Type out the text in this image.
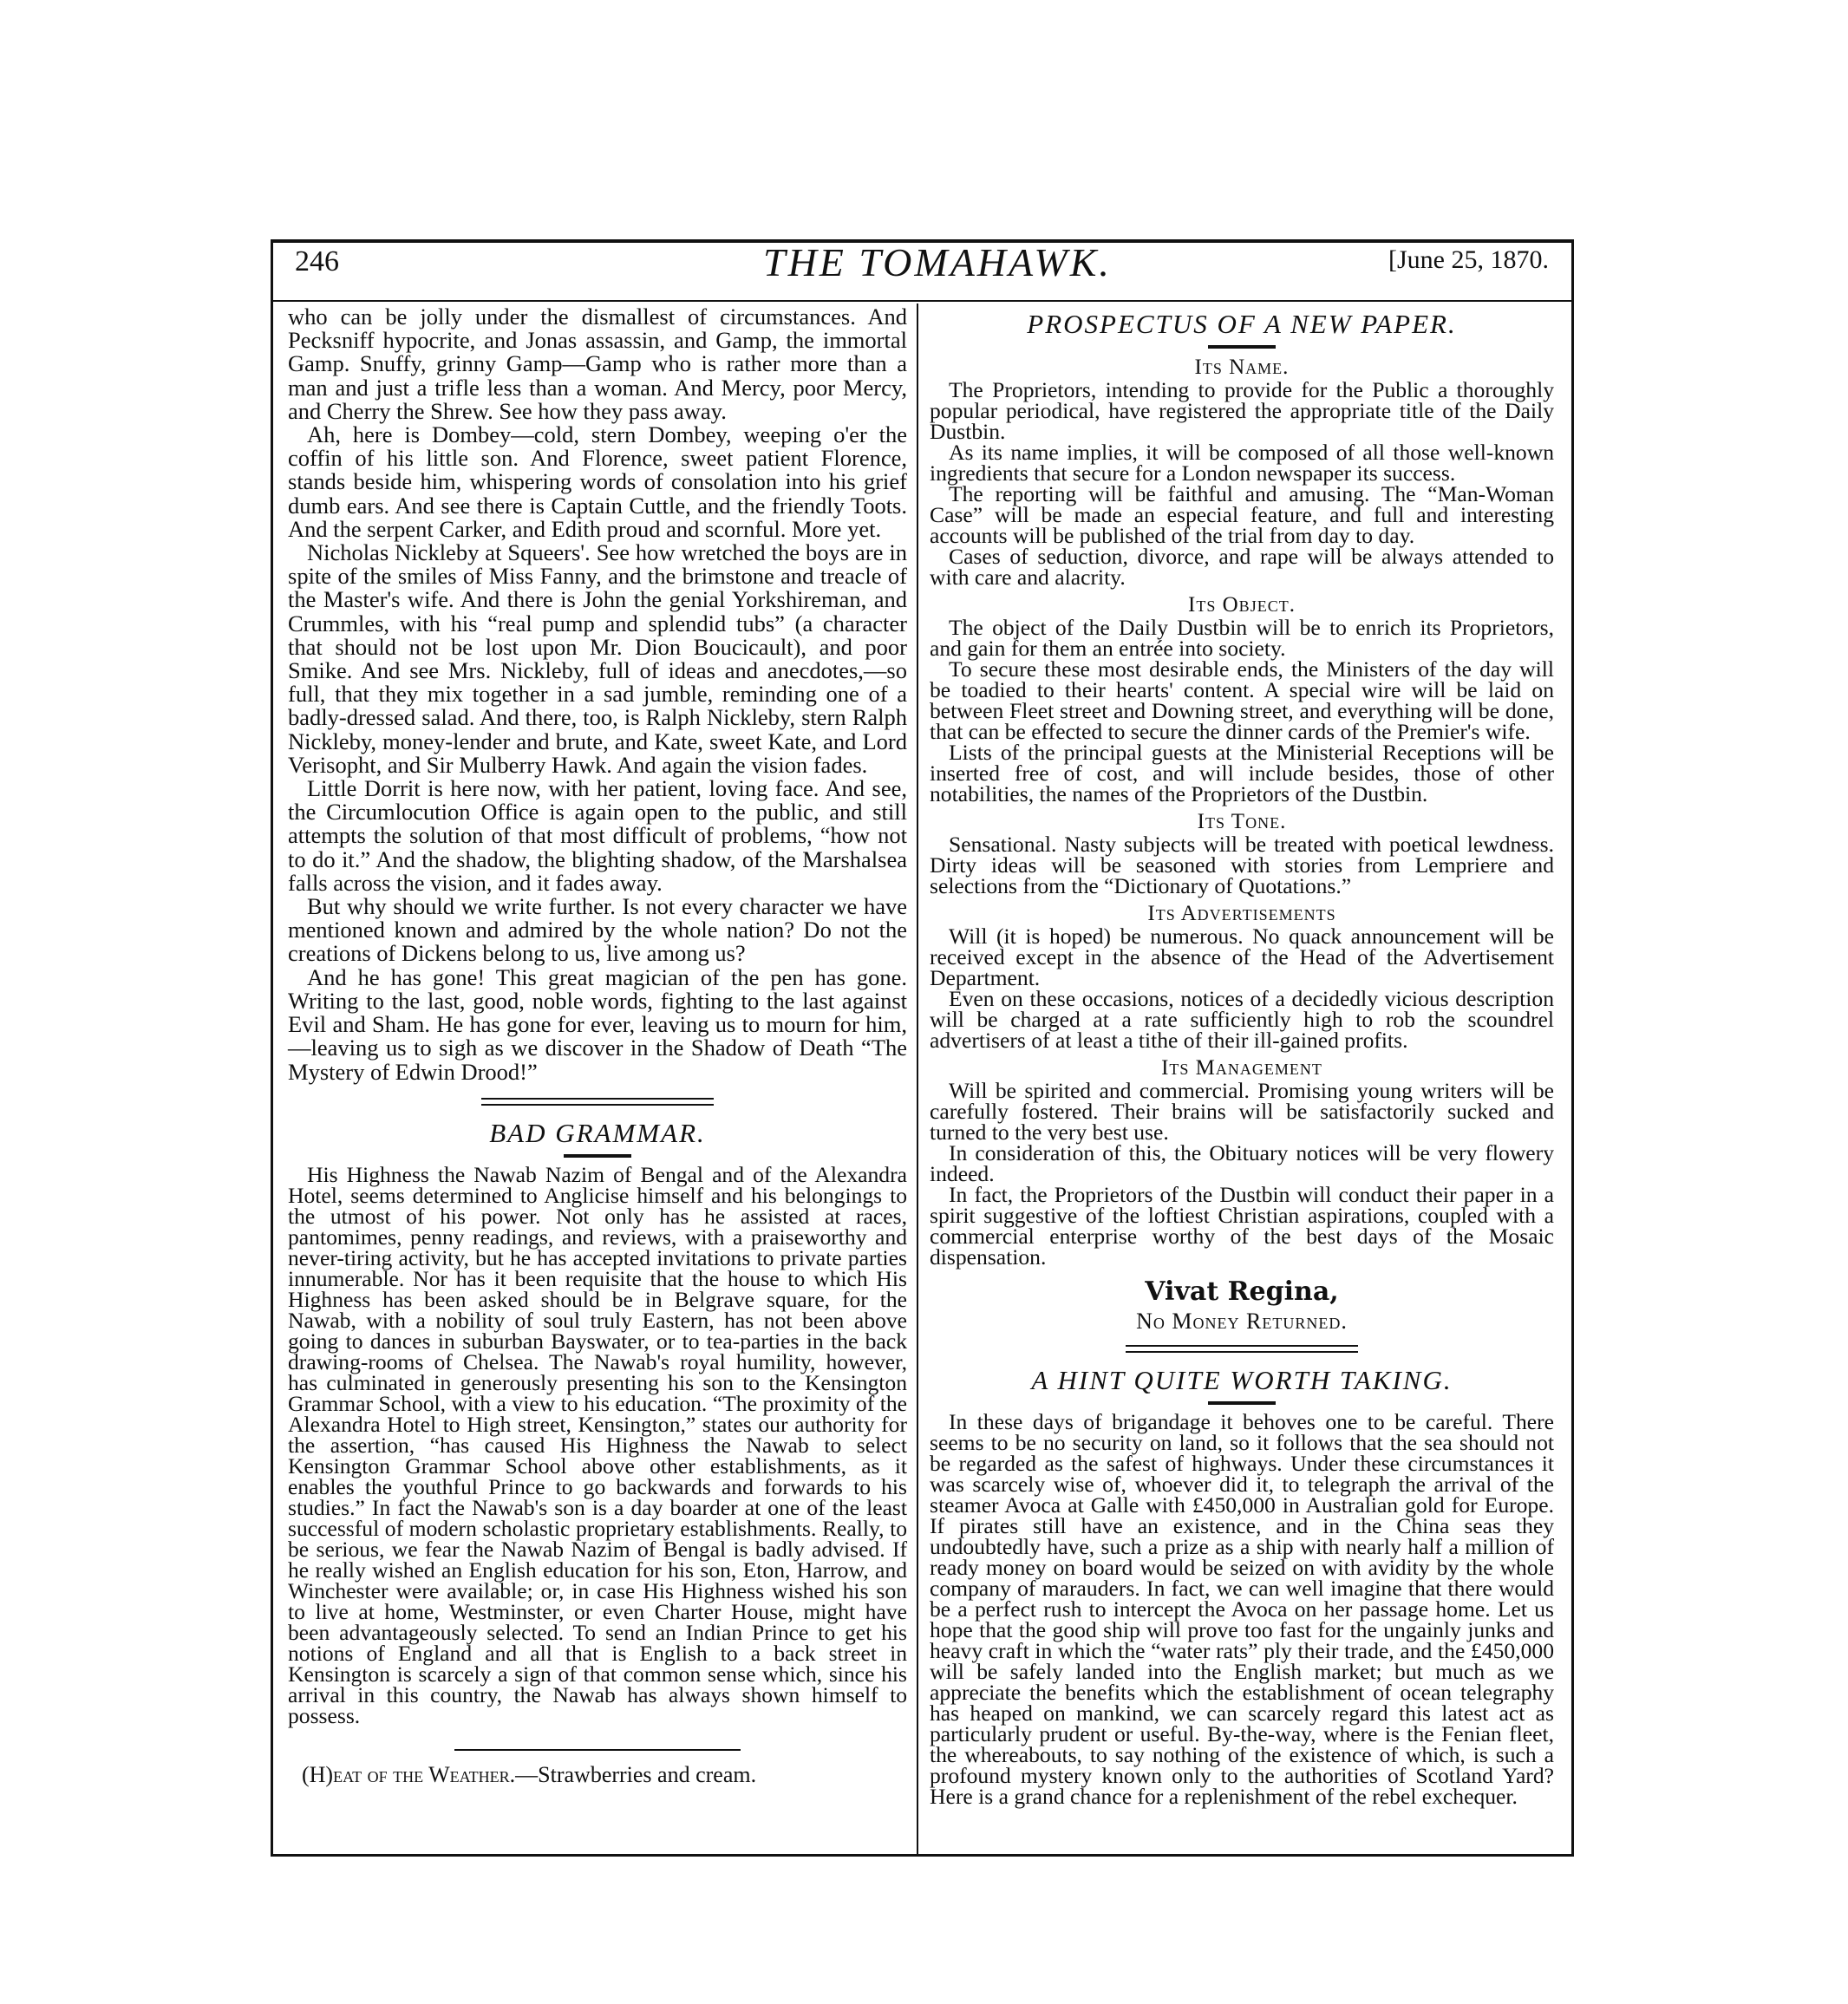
246	THE TOMAHAWK.	[June 25, 1870.

who can be jolly under the dismallest of circumstances. And Pecksniff hypocrite, and Jonas assassin, and Gamp, the immortal Gamp. Snuffy, grinny Gamp—Gamp who is rather more than a man and just a trifle less than a woman. And Mercy, poor Mercy, and Cherry the Shrew. See how they pass away.

Ah, here is Dombey—cold, stern Dombey, weeping o'er the coffin of his little son. And Florence, sweet patient Florence, stands beside him, whispering words of consolation into his grief dumb ears. And see there is Captain Cuttle, and the friendly Toots. And the serpent Carker, and Edith proud and scornful. More yet.

Nicholas Nickleby at Squeers'. See how wretched the boys are in spite of the smiles of Miss Fanny, and the brimstone and treacle of the Master's wife. And there is John the genial Yorkshireman, and Crummles, with his “real pump and splendid tubs” (a character that should not be lost upon Mr. Dion Boucicault), and poor Smike. And see Mrs. Nickleby, full of ideas and anecdotes,—so full, that they mix together in a sad jumble, reminding one of a badly-dressed salad. And there, too, is Ralph Nickleby, stern Ralph Nickleby, money-lender and brute, and Kate, sweet Kate, and Lord Verisopht, and Sir Mulberry Hawk. And again the vision fades.

Little Dorrit is here now, with her patient, loving face. And see, the Circumlocution Office is again open to the public, and still attempts the solution of that most difficult of problems, “how not to do it.” And the shadow, the blighting shadow, of the Marshalsea falls across the vision, and it fades away.

But why should we write further. Is not every character we have mentioned known and admired by the whole nation? Do not the creations of Dickens belong to us, live among us?

And he has gone! This great magician of the pen has gone. Writing to the last, good, noble words, fighting to the last against Evil and Sham. He has gone for ever, leaving us to mourn for him,—leaving us to sigh as we discover in the Shadow of Death “The Mystery of Edwin Drood!”

BAD GRAMMAR.

His Highness the Nawab Nazim of Bengal and of the Alexandra Hotel, seems determined to Anglicise himself and his belongings to the utmost of his power. Not only has he assisted at races, pantomimes, penny readings, and reviews, with a praiseworthy and never-tiring activity, but he has accepted invitations to private parties innumerable. Nor has it been requisite that the house to which His Highness has been asked should be in Belgrave square, for the Nawab, with a nobility of soul truly Eastern, has not been above going to dances in suburban Bayswater, or to tea-parties in the back drawing-rooms of Chelsea. The Nawab's royal humility, however, has culminated in generously presenting his son to the Kensington Grammar School, with a view to his education. “The proximity of the Alexandra Hotel to High street, Kensington,” states our authority for the assertion, “has caused His Highness the Nawab to select Kensington Grammar School above other establishments, as it enables the youthful Prince to go backwards and forwards to his studies.” In fact the Nawab's son is a day boarder at one of the least successful of modern scholastic proprietary establishments. Really, to be serious, we fear the Nawab Nazim of Bengal is badly advised. If he really wished an English education for his son, Eton, Harrow, and Winchester were available; or, in case His Highness wished his son to live at home, Westminster, or even Charter House, might have been advantageously selected. To send an Indian Prince to get his notions of England and all that is English to a back street in Kensington is scarcely a sign of that common sense which, since his arrival in this country, the Nawab has always shown himself to possess.

(H)eat of the Weather.—Strawberries and cream.

PROSPECTUS OF A NEW PAPER.
Its Name.

The Proprietors, intending to provide for the Public a thoroughly popular periodical, have registered the appropriate title of the Daily Dustbin.

As its name implies, it will be composed of all those well-known ingredients that secure for a London newspaper its success.

The reporting will be faithful and amusing. The “Man-Woman Case” will be made an especial feature, and full and interesting accounts will be published of the trial from day to day.

Cases of seduction, divorce, and rape will be always attended to with care and alacrity.

Its Object.

The object of the Daily Dustbin will be to enrich its Proprietors, and gain for them an entrée into society.

To secure these most desirable ends, the Ministers of the day will be toadied to their hearts' content. A special wire will be laid on between Fleet street and Downing street, and everything will be done, that can be effected to secure the dinner cards of the Premier's wife.

Lists of the principal guests at the Ministerial Receptions will be inserted free of cost, and will include besides, those of other notabilities, the names of the Proprietors of the Dustbin.

Its Tone.

Sensational. Nasty subjects will be treated with poetical lewdness. Dirty ideas will be seasoned with stories from Lempriere and selections from the “Dictionary of Quotations.”

Its Advertisements

Will (it is hoped) be numerous. No quack announcement will be received except in the absence of the Head of the Advertisement Department.

Even on these occasions, notices of a decidedly vicious description will be charged at a rate sufficiently high to rob the scoundrel advertisers of at least a tithe of their ill-gained profits.

Its Management

Will be spirited and commercial. Promising young writers will be carefully fostered. Their brains will be satisfactorily sucked and turned to the very best use.

In consideration of this, the Obituary notices will be very flowery indeed.

In fact, the Proprietors of the Dustbin will conduct their paper in a spirit suggestive of the loftiest Christian aspirations, coupled with a commercial enterprise worthy of the best days of the Mosaic dispensation.

Vivat Regina,
No Money Returned.
A HINT QUITE WORTH TAKING.

In these days of brigandage it behoves one to be careful. There seems to be no security on land, so it follows that the sea should not be regarded as the safest of highways. Under these circumstances it was scarcely wise of, whoever did it, to telegraph the arrival of the steamer Avoca at Galle with £450,000 in Australian gold for Europe. If pirates still have an existence, and in the China seas they undoubtedly have, such a prize as a ship with nearly half a million of ready money on board would be seized on with avidity by the whole company of marauders. In fact, we can well imagine that there would be a perfect rush to intercept the Avoca on her passage home. Let us hope that the good ship will prove too fast for the ungainly junks and heavy craft in which the “water rats” ply their trade, and the £450,000 will be safely landed into the English market; but much as we appreciate the benefits which the establishment of ocean telegraphy has heaped on mankind, we can scarcely regard this latest act as particularly prudent or useful. By-the-way, where is the Fenian fleet, the whereabouts, to say nothing of the existence of which, is such a profound mystery known only to the authorities of Scotland Yard? Here is a grand chance for a replenishment of the rebel exchequer.
